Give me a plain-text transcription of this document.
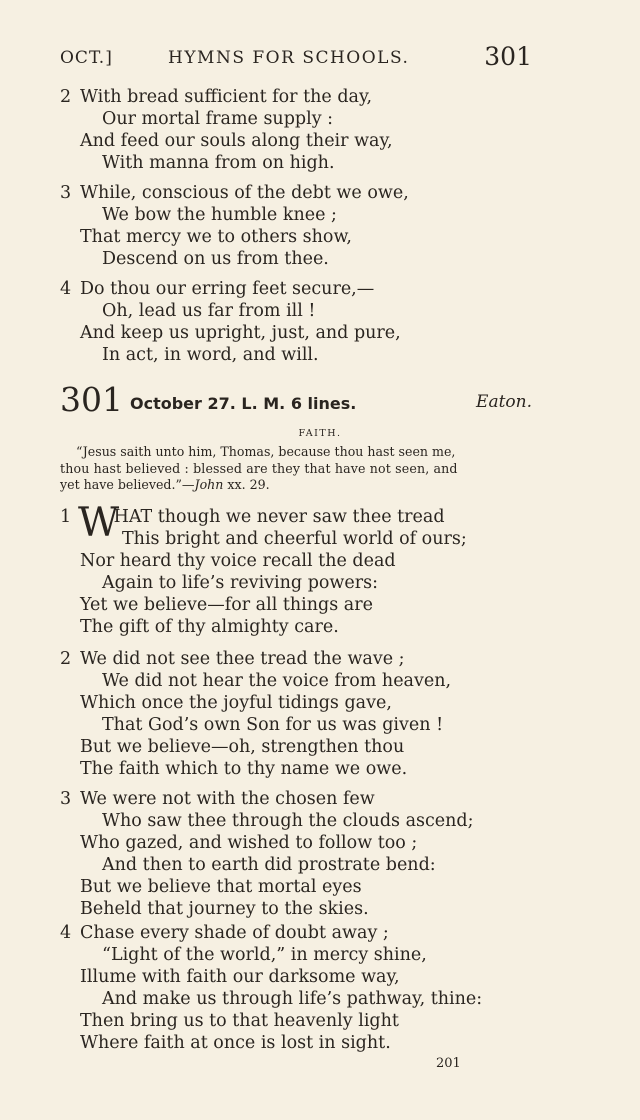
OCT.]	HYMNS FOR SCHOOLS.	301
2 With bread sufficient for the day,
Our mortal frame supply :
And feed our souls along their way,
With manna from on high.
3 While, conscious of the debt we owe,
We bow the humble knee ;
That mercy we to others show,
Descend on us from thee.
4 Do thou our erring feet secure,—
Oh, lead us far from ill !
And keep us upright, just, and pure,
In act, in word, and will.
301 October 27. L. M. 6 lines.	Eaton.
FAITH.
“Jesus saith unto him, Thomas, because thou hast seen me,
thou hast believed : blessed are they that have not seen, and
yet have believed.”—John xx. 29.
1 W
HAT though we never saw thee tread
This bright and cheerful world of ours;
Nor heard thy voice recall the dead
Again to life’s reviving powers:
Yet we believe—for all things are
The gift of thy almighty care.
2 We did not see thee tread the wave ;
We did not hear the voice from heaven,
Which once the joyful tidings gave,
That God’s own Son for us was given !
But we believe—oh, strengthen thou
The faith which to thy name we owe.
3 We were not with the chosen few
Who saw thee through the clouds ascend;
Who gazed, and wished to follow too ;
And then to earth did prostrate bend:
But we believe that mortal eyes
Beheld that journey to the skies.
4 Chase every shade of doubt away ;
“Light of the world,” in mercy shine,
Illume with faith our darksome way,
And make us through life’s pathway, thine:
Then bring us to that heavenly light
Where faith at once is lost in sight.
201
